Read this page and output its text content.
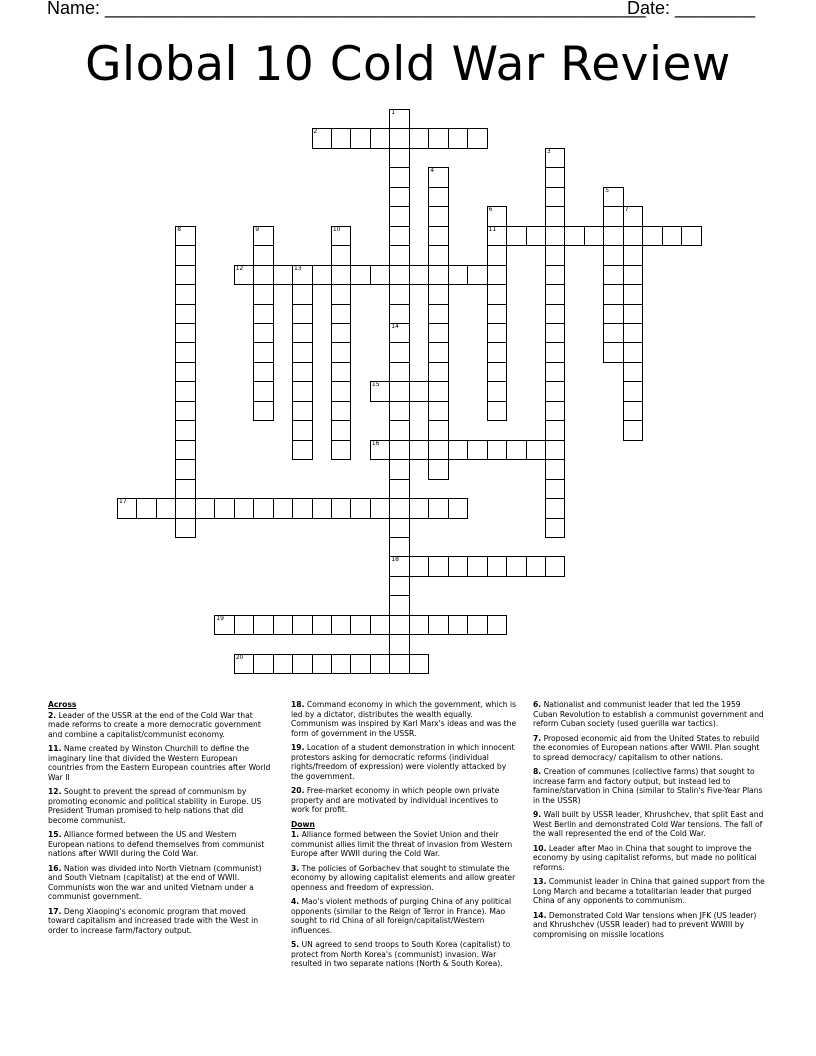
Name: ______________________________________________________
Date: ________
Global 10 Cold War Review
1
2
3
4
5
6
11
7
8	9	10
12	13
14
18
15
16
17
19
20
Across
2. Leader of the USSR at the end of the Cold War that made reforms to create a more democratic government and combine a capitalist/communist economy.
11. Name created by Winston Churchill to define the imaginary line that divided the Western European countries from the Eastern European countries after World War II
12. Sought to prevent the spread of communism by promoting economic and political stability in Europe. US President Truman promised to help nations that did become communist.
15. Alliance formed between the US and Western European nations to defend themselves from communist nations after WWII during the Cold War.
16. Nation was divided into North Vietnam (communist) and South Vietnam (capitalist) at the end of WWII. Communists won the war and united Vietnam under a communist government.
17. Deng Xiaoping's economic program that moved toward capitalism and increased trade with the West in order to increase farm/factory output.
18. Command economy in which the government, which is led by a dictator, distributes the wealth equally. Communism was inspired by Karl Marx's ideas and was the form of government in the USSR.
19. Location of a student demonstration in which innocent protestors asking for democratic reforms (individual rights/freedom of expression) were violently attacked by the government.
20. Free-market economy in which people own private property and are motivated by individual incentives to work for profit.
Down
1. Alliance formed between the Soviet Union and their communist allies limit the threat of invasion from Western Europe after WWII during the Cold War.
3. The policies of Gorbachev that sought to stimulate the economy by allowing capitalist elements and allow greater openness and freedom of expression.
4. Mao's violent methods of purging China of any political opponents (similar to the Reign of Terror in France). Mao sought to rid China of all foreign/capitalist/Western influences.
5. UN agreed to send troops to South Korea (capitalist) to protect from North Korea's (communist) invasion. War resulted in two separate nations (North & South Korea).
6. Nationalist and communist leader that led the 1959 Cuban Revolution to establish a communist government and reform Cuban society (used guerilla war tactics).
7. Proposed economic aid from the United States to rebuild the economies of European nations after WWII. Plan sought to spread democracy/ capitalism to other nations.
8. Creation of communes (collective farms) that sought to increase farm and factory output, but instead led to famine/starvation in China (similar to Stalin's Five-Year Plans in the USSR)
9. Wall built by USSR leader, Khrushchev, that split East and West Berlin and demonstrated Cold War tensions. The fall of the wall represented the end of the Cold War.
10. Leader after Mao in China that sought to improve the economy by using capitalist reforms, but made no political reforms.
13. Communist leader in China that gained support from the Long March and became a totalitarian leader that purged China of any opponents to communism.
14. Demonstrated Cold War tensions when JFK (US leader) and Khrushchev (USSR leader) had to prevent WWIII by compromising on missile locations
